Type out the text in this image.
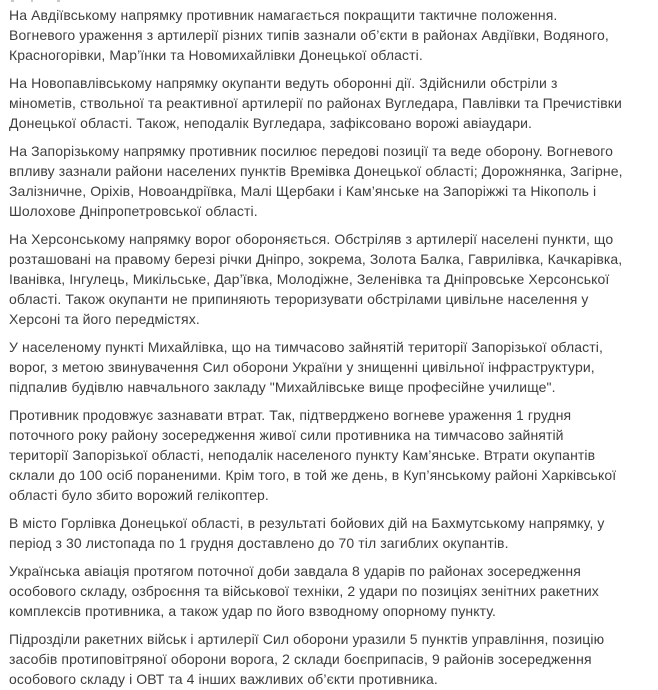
На Авдіївському напрямку противник намагається покращити тактичне положення.
Вогневого ураження з артилерії різних типів зазнали об’єкти в районах Авдіївки, Водяного,
Красногорівки, Мар’їнки та Новомихайлівки Донецької області.
На Новопавлівському напрямку окупанти ведуть оборонні дії. Здійснили обстріли з
мінометів, ствольної та реактивної артилерії по районах Вугледара, Павлівки та Пречистівки
Донецької області. Також, неподалік Вугледара, зафіксовано ворожі авіаудари.
На Запорізькому напрямку противник посилює передові позиції та веде оборону. Вогневого
впливу зазнали райони населених пунктів Времівка Донецької області; Дорожнянка, Загірне,
Залізничне, Оріхів, Новоандріївка, Малі Щербаки і Кам’янське на Запоріжжі та Нікополь і
Шолохове Дніпропетровської області.
На Херсонському напрямку ворог обороняється. Обстріляв з артилерії населені пункти, що
розташовані на правому березі річки Дніпро, зокрема, Золота Балка, Гаврилівка, Качкарівка,
Іванівка, Інгулець, Микільське, Дар’ївка, Молодіжне, Зеленівка та Дніпровське Херсонської
області. Також окупанти не припиняють тероризувати обстрілами цивільне населення у
Херсоні та його передмістях.
У населеному пункті Михайлівка, що на тимчасово зайнятій території Запорізької області,
ворог, з метою звинувачення Сил оборони України у знищенні цивільної інфраструктури,
підпалив будівлю навчального закладу "Михайлівське вище професійне училище".
Противник продовжує зазнавати втрат. Так, підтверджено вогневе ураження 1 грудня
поточного року району зосередження живої сили противника на тимчасово зайнятій
території Запорізької області, неподалік населеного пункту Кам’янське. Втрати окупантів
склали до 100 осіб пораненими. Крім того, в той же день, в Куп’янському районі Харківської
області було збито ворожий гелікоптер.
В місто Горлівка Донецької області, в результаті бойових дій на Бахмутському напрямку, у
період з 30 листопада по 1 грудня доставлено до 70 тіл загиблих окупантів.
Українська авіація протягом поточної доби завдала 8 ударів по районах зосередження
особового складу, озброєння та військової техніки, 2 удари по позиціях зенітних ракетних
комплексів противника, а також удар по його взводному опорному пункту.
Підрозділи ракетних військ і артилерії Сил оборони уразили 5 пунктів управління, позицію
засобів протиповітряної оборони ворога, 2 склади боєприпасів, 9 районів зосередження
особового складу і ОВТ та 4 інших важливих об’єкти противника.
